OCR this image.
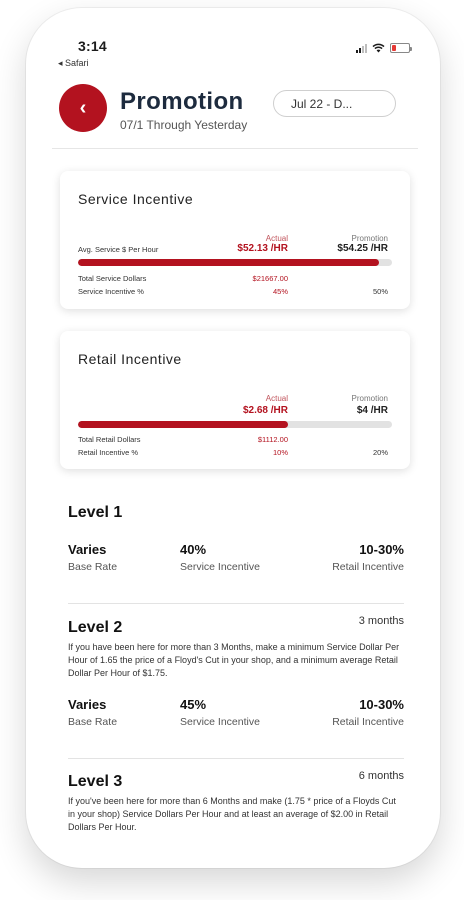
3:14
◂ Safari
‹	Promotion
07/1 Through Yesterday
Jul 22 - D...
Service Incentive
Actual	Promotion
Avg. Service $ Per Hour	$52.13 /HR	$54.25 /HR
Total Service Dollars	$21667.00
Service Incentive %	45%	50%
Retail Incentive
Actual	Promotion
$2.68 /HR	$4 /HR
Total Retail Dollars	$1112.00
Retail Incentive %	10%	20%
Level 1
Varies
Base Rate
40%
Service Incentive
10-30%
Retail Incentive
Level 2	3 months
If you have been here for more than 3 Months, make a minimum Service Dollar Per Hour of 1.65 the price of a Floyd's Cut in your shop, and a minimum average Retail Dollar Per Hour of $1.75.
Varies
Base Rate
45%
Service Incentive
10-30%
Retail Incentive
Level 3	6 months
If you've been here for more than 6 Months and make (1.75 * price of a Floyds Cut in your shop) Service Dollars Per Hour and at least an average of $2.00 in Retail Dollars Per Hour.
